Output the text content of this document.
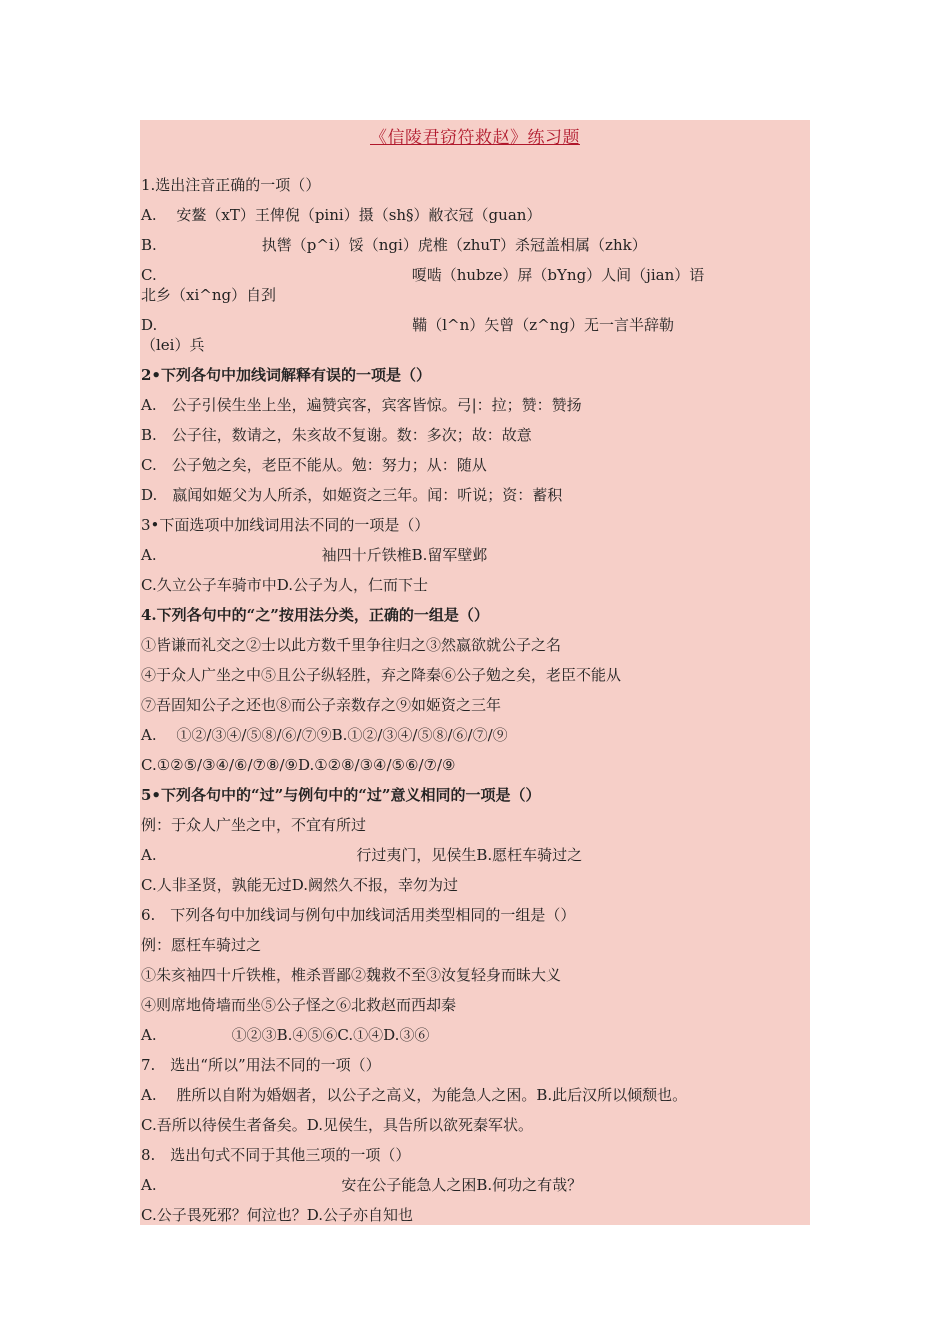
《信陵君窃符救赵》练习题
1.选出注音正确的一项（）
A.　 安鳌（xT）王俾倪（pini）摄（sh§）敝衣冠（guan）
B.　　　　　　　执辔（p^i）馁（ngi）虎椎（zhuT）杀冠盖相属（zhk）
C.　　　　　　　　　　　　　　　　　嗄啮（hubze）屏（bYng）人间（jian）语
北乡（xi^ng）自刭
D.　　　　　　　　　　　　　　　　　鞴（l^n）矢曾（z^ng）无一言半辞勒
（lei）兵
2•下列各句中加线词解释有误的一项是（）
A.　公子引侯生坐上坐，遍赞宾客，宾客皆惊。弓|：拉；赞：赞扬
B.　公子往，数请之，朱亥故不复谢。数：多次；故：故意
C.　公子勉之矣，老臣不能从。勉：努力；从：随从
D.　嬴闻如姬父为人所杀，如姬资之三年。闻：听说；资：蓄积
3•下面选项中加线词用法不同的一项是（）
A.　　　　　　　　　　　袖四十斤铁椎B.留军壁邺
C.久立公子车骑市中D.公子为人，仁而下士
4.下列各句中的“之”按用法分类，正确的一组是（）
①皆谦而礼交之②士以此方数千里争往归之③然嬴欲就公子之名
④于众人广坐之中⑤且公子纵轻胜，弃之降秦⑥公子勉之矣，老臣不能从
⑦吾固知公子之还也⑧而公子亲数存之⑨如姬资之三年
A.　 ①②/③④/⑤⑧/⑥/⑦⑨B.①②/③④/⑤⑧/⑥/⑦/⑨
C.①②⑤/③④/⑥/⑦⑧/⑨D.①②⑧/③④/⑤⑥/⑦/⑨
5•下列各句中的“过”与例句中的“过”意义相同的一项是（）
例：于众人广坐之中，不宜有所过
A.　　　　　　　　　　　　　 行过夷门，见侯生B.愿枉车骑过之
C.人非圣贤，孰能无过D.阙然久不报，幸勿为过
6.　下列各句中加线词与例句中加线词活用类型相同的一组是（）
例：愿枉车骑过之
①朱亥袖四十斤铁椎，椎杀晋鄙②魏救不至③汝复轻身而昧大义
④则席地倚墙而坐⑤公子怪之⑥北救赵而西却秦
A.　　　　　①②③B.④⑤⑥C.①④D.③⑥
7.　选出“所以”用法不同的一项（）
A.　 胜所以自附为婚姻者，以公子之高义，为能急人之困。B.此后汉所以倾颓也。
C.吾所以待侯生者备矣。D.见侯生，具告所以欲死秦军状。
8.　选出句式不同于其他三项的一项（）
A.　　　　　　　　　　　　 安在公子能急人之困B.何功之有哉？
C.公子畏死邪？何泣也？D.公子亦自知也
